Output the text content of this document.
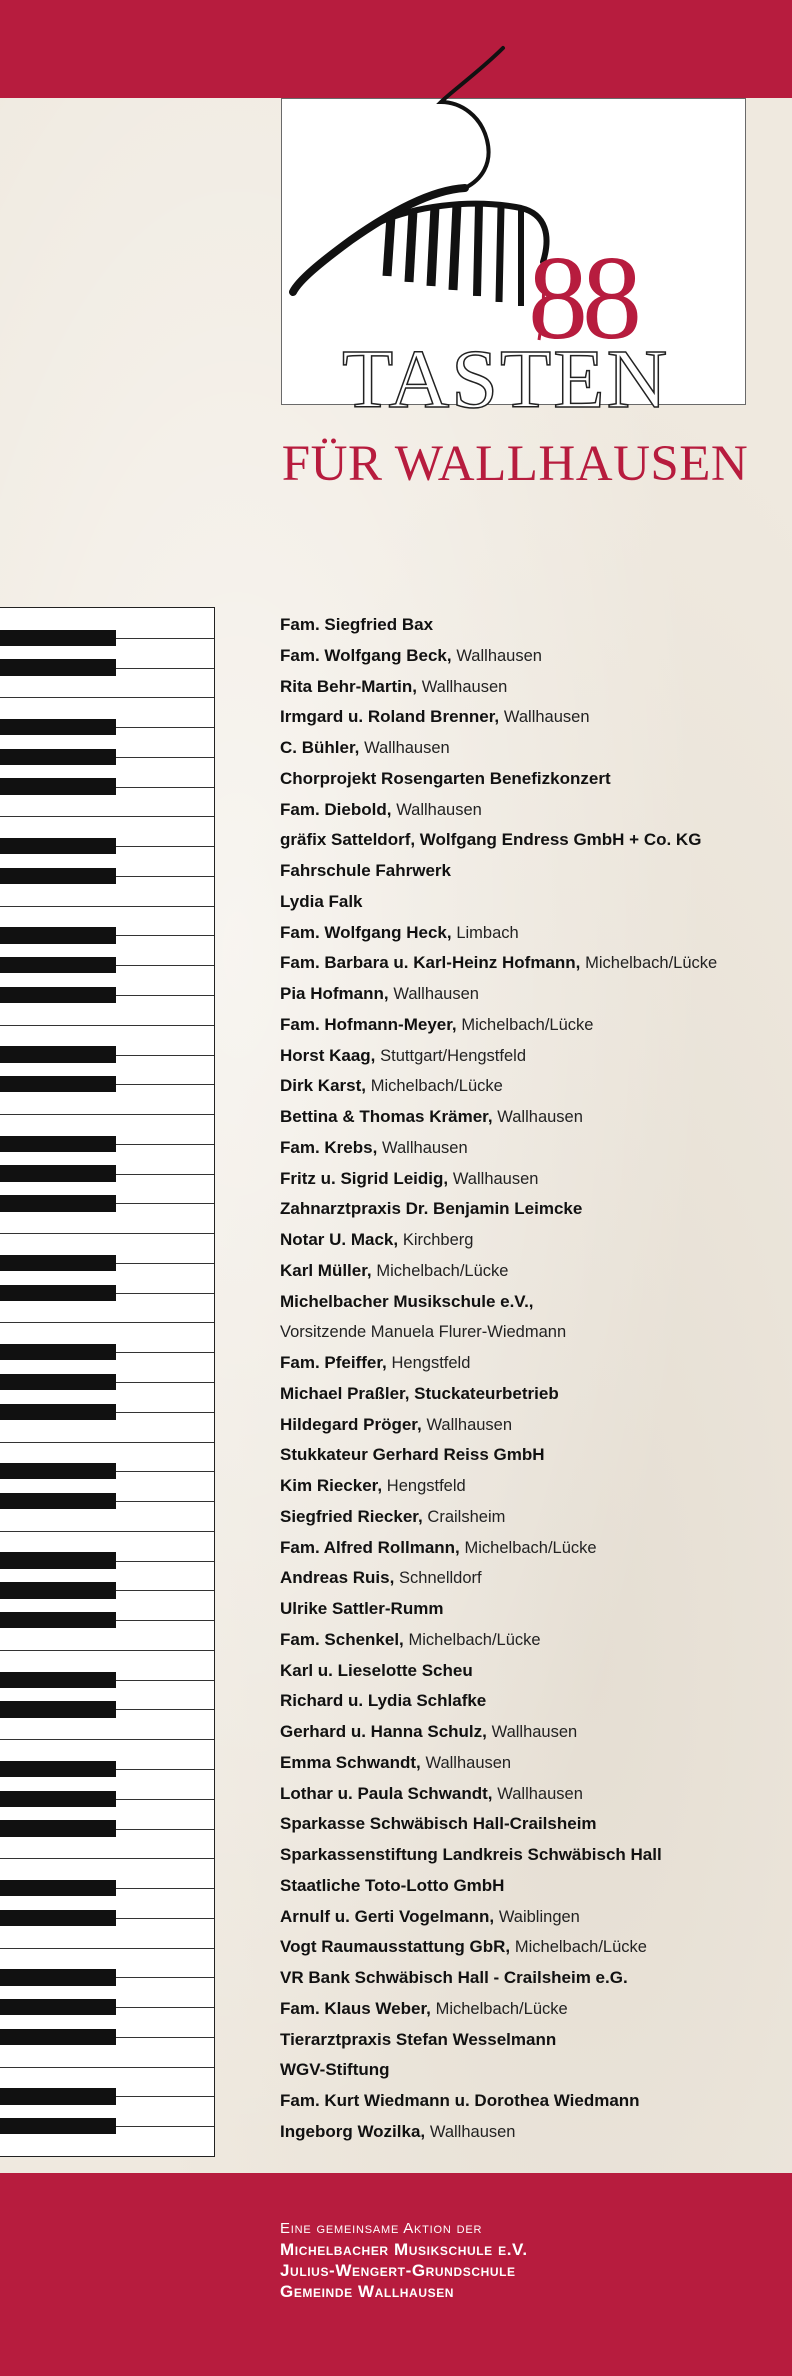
88
TASTEN
FÜR WALLHAUSEN
Fam. Siegfried Bax
Fam. Wolfgang Beck, Wallhausen
Rita Behr-Martin, Wallhausen
Irmgard u. Roland Brenner, Wallhausen
C. Bühler, Wallhausen
Chorprojekt Rosengarten Benefizkonzert
Fam. Diebold, Wallhausen
gräfix Satteldorf, Wolfgang Endress GmbH + Co. KG
Fahrschule Fahrwerk
Lydia Falk
Fam. Wolfgang Heck, Limbach
Fam. Barbara u. Karl-Heinz Hofmann, Michelbach/Lücke
Pia Hofmann, Wallhausen
Fam. Hofmann-Meyer, Michelbach/Lücke
Horst Kaag, Stuttgart/Hengstfeld
Dirk Karst, Michelbach/Lücke
Bettina & Thomas Krämer, Wallhausen
Fam. Krebs, Wallhausen
Fritz u. Sigrid Leidig, Wallhausen
Zahnarztpraxis Dr. Benjamin Leimcke
Notar U. Mack, Kirchberg
Karl Müller, Michelbach/Lücke
Michelbacher Musikschule e.V.,
Vorsitzende Manuela Flurer-Wiedmann
Fam. Pfeiffer, Hengstfeld
Michael Praßler, Stuckateurbetrieb
Hildegard Pröger, Wallhausen
Stukkateur Gerhard Reiss GmbH
Kim Riecker, Hengstfeld
Siegfried Riecker, Crailsheim
Fam. Alfred Rollmann, Michelbach/Lücke
Andreas Ruis, Schnelldorf
Ulrike Sattler-Rumm
Fam. Schenkel, Michelbach/Lücke
Karl u. Lieselotte Scheu
Richard u. Lydia Schlafke
Gerhard u. Hanna Schulz, Wallhausen
Emma Schwandt, Wallhausen
Lothar u. Paula Schwandt, Wallhausen
Sparkasse Schwäbisch Hall-Crailsheim
Sparkassenstiftung Landkreis Schwäbisch Hall
Staatliche Toto-Lotto GmbH
Arnulf u. Gerti Vogelmann, Waiblingen
Vogt Raumausstattung GbR, Michelbach/Lücke
VR Bank Schwäbisch Hall - Crailsheim e.G.
Fam. Klaus Weber, Michelbach/Lücke
Tierarztpraxis Stefan Wesselmann
WGV-Stiftung
Fam. Kurt Wiedmann u. Dorothea Wiedmann
Ingeborg Wozilka, Wallhausen
Eine gemeinsame Aktion der
Michelbacher Musikschule e.V.
Julius-Wengert-Grundschule
Gemeinde Wallhausen
